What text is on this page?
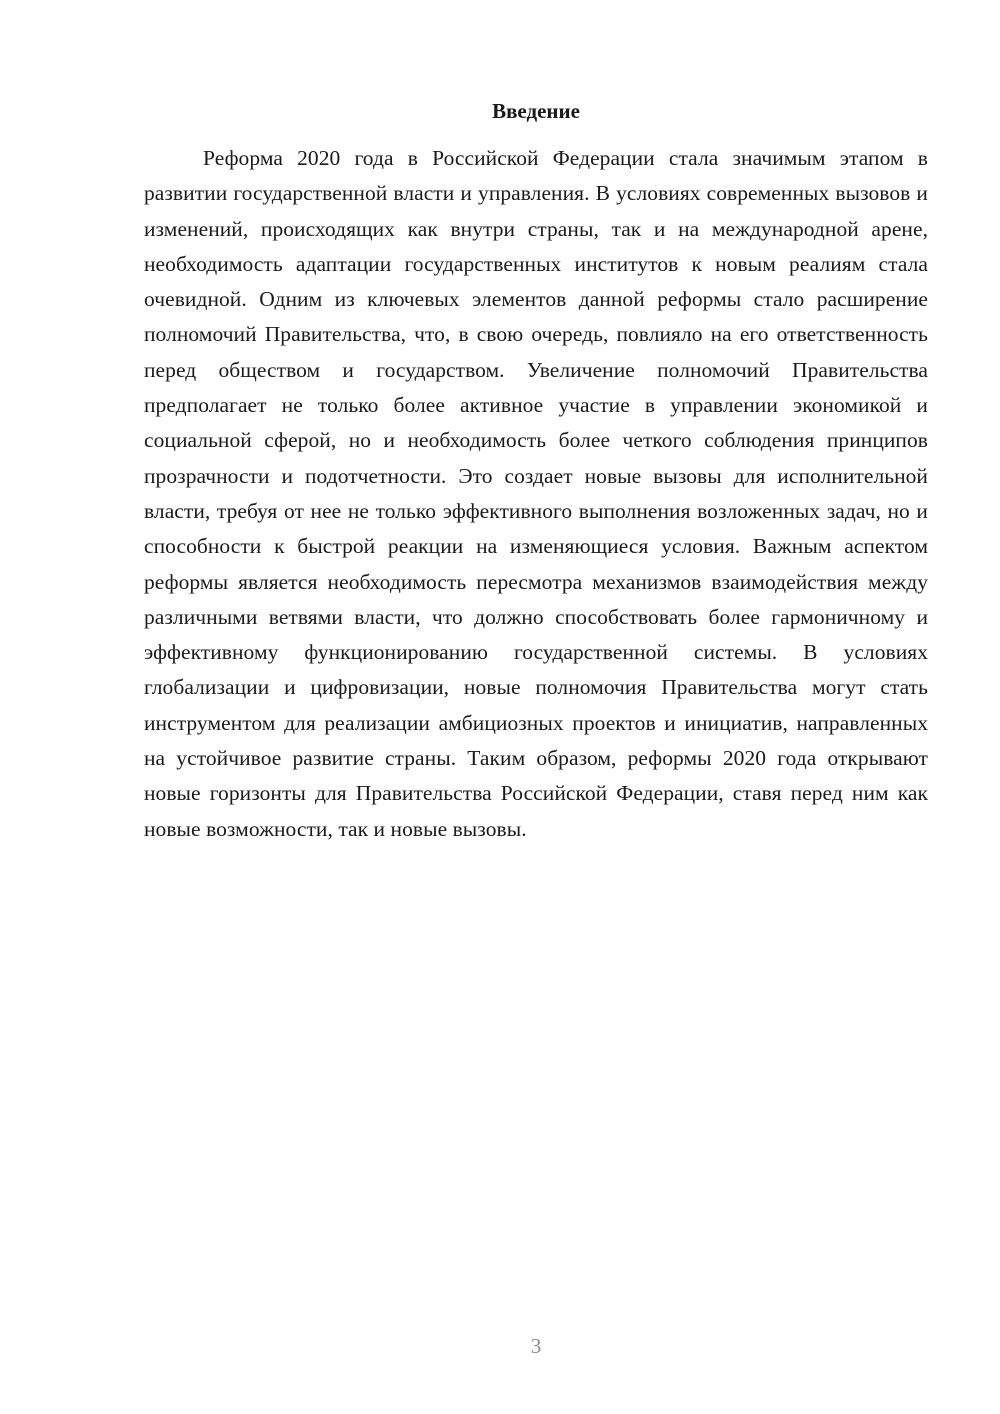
Введение

Реформа 2020 года в Российской Федерации стала значимым этапом в развитии государственной власти и управления. В условиях современных вызовов и изменений, происходящих как внутри страны, так и на международной арене, необходимость адаптации государственных институтов к новым реалиям стала очевидной. Одним из ключевых элементов данной реформы стало расширение полномочий Правительства, что, в свою очередь, повлияло на его ответственность перед обществом и государством. Увеличение полномочий Правительства предполагает не только более активное участие в управлении экономикой и социальной сферой, но и необходимость более четкого соблюдения принципов прозрачности и подотчетности. Это создает новые вызовы для исполнительной власти, требуя от нее не только эффективного выполнения возложенных задач, но и способности к быстрой реакции на изменяющиеся условия. Важным аспектом реформы является необходимость пересмотра механизмов взаимодействия между различными ветвями власти, что должно способствовать более гармоничному и эффективному функционированию государственной системы. В условиях глобализации и цифровизации, новые полномочия Правительства могут стать инструментом для реализации амбициозных проектов и инициатив, направленных на устойчивое развитие страны. Таким образом, реформы 2020 года открывают новые горизонты для Правительства Российской Федерации, ставя перед ним как новые возможности, так и новые вызовы.

3
